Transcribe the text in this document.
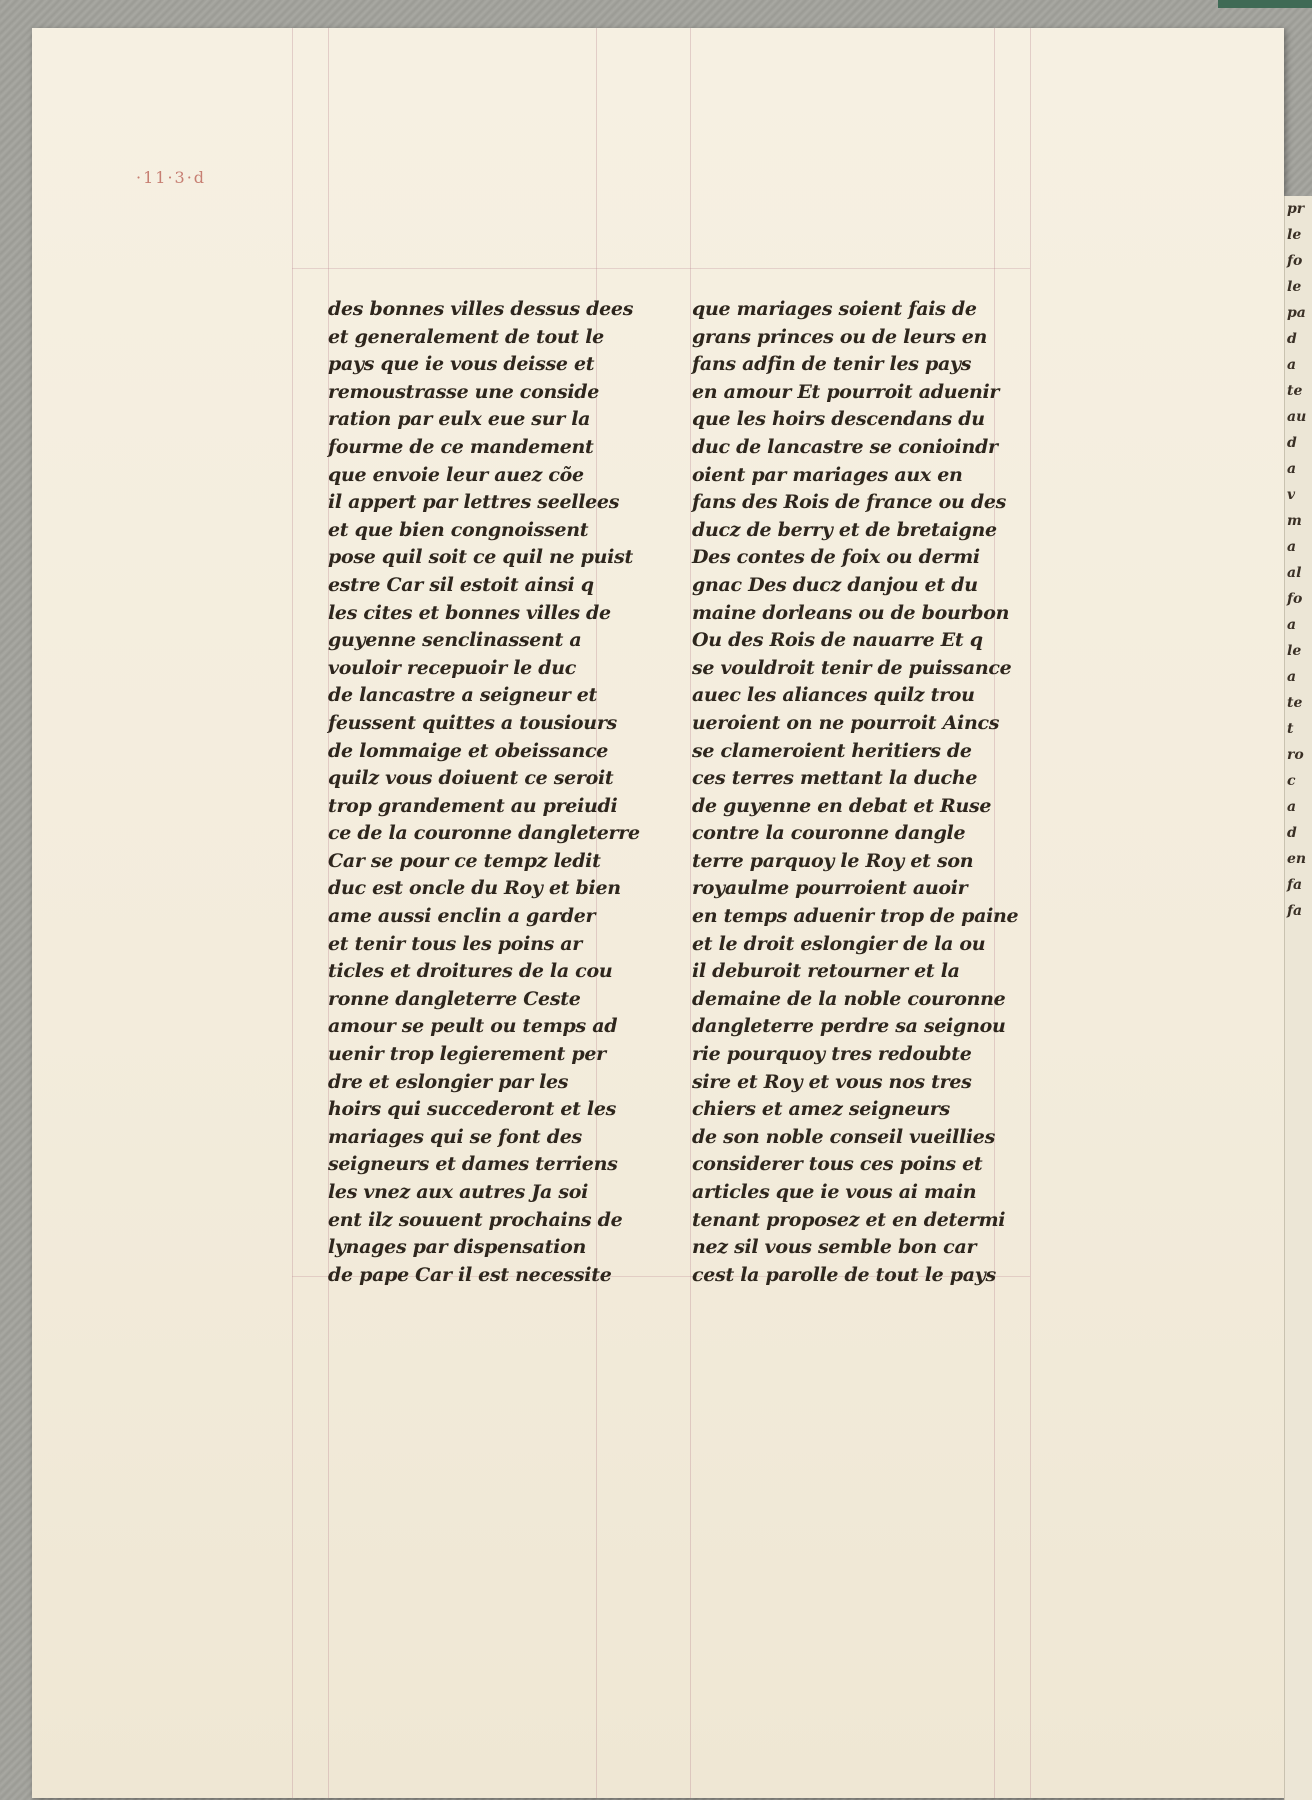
·11·3·d
des bonnes villes dessus dees
et generalement de tout le
pays que ie vous deisse et
remoustrasse une conside
ration par eulx eue sur la
fourme de ce mandement
que envoie leur auez cõe
il appert par lettres seellees
et que bien congnoissent
pose quil soit ce quil ne puist
estre Car sil estoit ainsi q
les cites et bonnes villes de
guyenne senclinassent a
vouloir recepuoir le duc
de lancastre a seigneur et
feussent quittes a tousiours
de lommaige et obeissance
quilz vous doiuent ce seroit
trop grandement au preiudi
ce de la couronne dangleterre
Car se pour ce tempz ledit
duc est oncle du Roy et bien
ame aussi enclin a garder
et tenir tous les poins ar
ticles et droitures de la cou
ronne dangleterre Ceste
amour se peult ou temps ad
uenir trop legierement per
dre et eslongier par les
hoirs qui succederont et les
mariages qui se font des
seigneurs et dames terriens
les vnez aux autres Ja soi
ent ilz souuent prochains de
lynages par dispensation
de pape Car il est necessite
que mariages soient fais de
grans princes ou de leurs en
fans adfin de tenir les pays
en amour Et pourroit aduenir
que les hoirs descendans du
duc de lancastre se conioindr
oient par mariages aux en
fans des Rois de france ou des
ducz de berry et de bretaigne
Des contes de foix ou dermi
gnac Des ducz danjou et du
maine dorleans ou de bourbon
Ou des Rois de nauarre Et q
se vouldroit tenir de puissance
auec les aliances quilz trou
ueroient on ne pourroit Aincs
se clameroient heritiers de
ces terres mettant la duche
de guyenne en debat et Ruse
contre la couronne dangle
terre parquoy le Roy et son
royaulme pourroient auoir
en temps aduenir trop de paine
et le droit eslongier de la ou
il deburoit retourner et la
demaine de la noble couronne
dangleterre perdre sa seignou
rie pourquoy tres redoubte
sire et Roy et vous nos tres
chiers et amez seigneurs
de son noble conseil vueillies
considerer tous ces poins et
articles que ie vous ai main
tenant proposez et en determi
nez sil vous semble bon car
cest la parolle de tout le pays
pr
le
fo
le
pa
d
a
te
au
d
a
v
m
a
al
fo
a
le
a
te
t
ro
c
a
d
en
fa
fa
